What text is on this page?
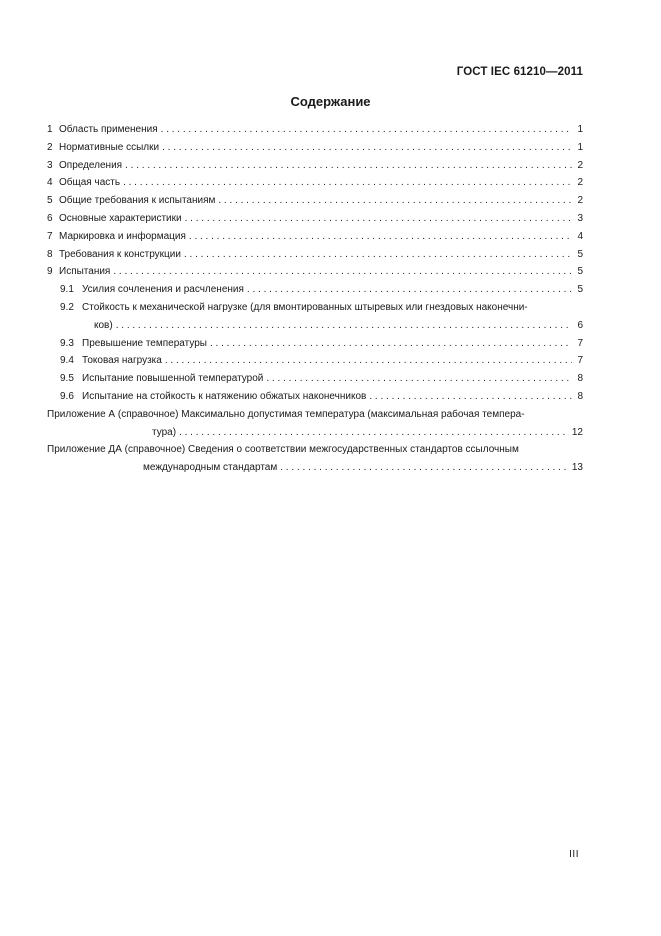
ГОСТ IEC 61210—2011
Содержание
1 Область применения . . .	1
2 Нормативные ссылки . . .	1
3 Определения . . .	2
4 Общая часть . . .	2
5 Общие требования к испытаниям . . .	2
6 Основные характеристики . . .	3
7 Маркировка и информация . . .	4
8 Требования к конструкции . . .	5
9 Испытания . . .	5
9.1 Усилия сочленения и расчленения . . .	5
9.2 Стойкость к механической нагрузке (для вмонтированных штыревых или гнездовых наконечни-
ков) . . .	6
9.3 Превышение температуры . . .	7
9.4 Токовая нагрузка . . .	7
9.5 Испытание повышенной температурой . . .	8
9.6 Испытание на стойкость к натяжению обжатых наконечников . . .	8
Приложение А (справочное) Максимально допустимая температура (максимальная рабочая темпера-
тура) . . .	12
Приложение ДА (справочное) Сведения о соответствии межгосударственных стандартов ссылочным
международным стандартам . . .	13
III
